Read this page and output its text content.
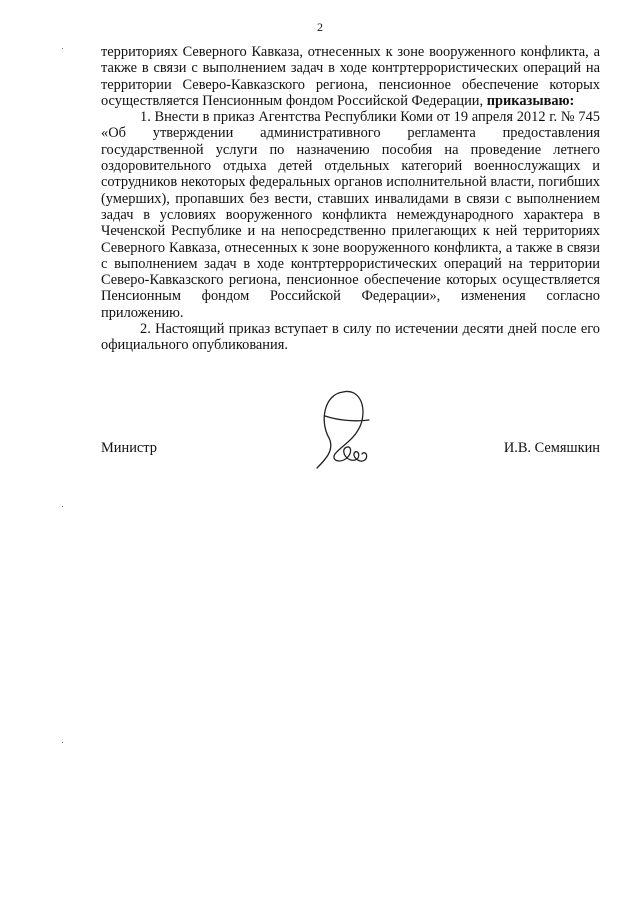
2

территориях Северного Кавказа, отнесенных к зоне вооруженного конфликта, а также в связи с выполнением задач в ходе контртеррористических операций на территории Северо-Кавказского региона, пенсионное обеспечение которых осуществляется Пенсионным фондом Российской Федерации, приказываю:

1. Внести в приказ Агентства Республики Коми от 19 апреля 2012 г. № 745 «Об утверждении административного регламента предоставления государственной услуги по назначению пособия на проведение летнего оздоровительного отдыха детей отдельных категорий военнослужащих и сотрудников некоторых федеральных органов исполнительной власти, погибших (умерших), пропавших без вести, ставших инвалидами в связи с выполнением задач в условиях вооруженного конфликта немеждународного характера в Чеченской Республике и на непосредственно прилегающих к ней территориях Северного Кавказа, отнесенных к зоне вооруженного конфликта, а также в связи с выполнением задач в ходе контртеррористических операций на территории Северо-Кавказского региона, пенсионное обеспечение которых осуществляется Пенсионным фондом Российской Федерации», изменения согласно приложению.

2. Настоящий приказ вступает в силу по истечении десяти дней после его официального опубликования.

Министр	И.В. Семяшкин
